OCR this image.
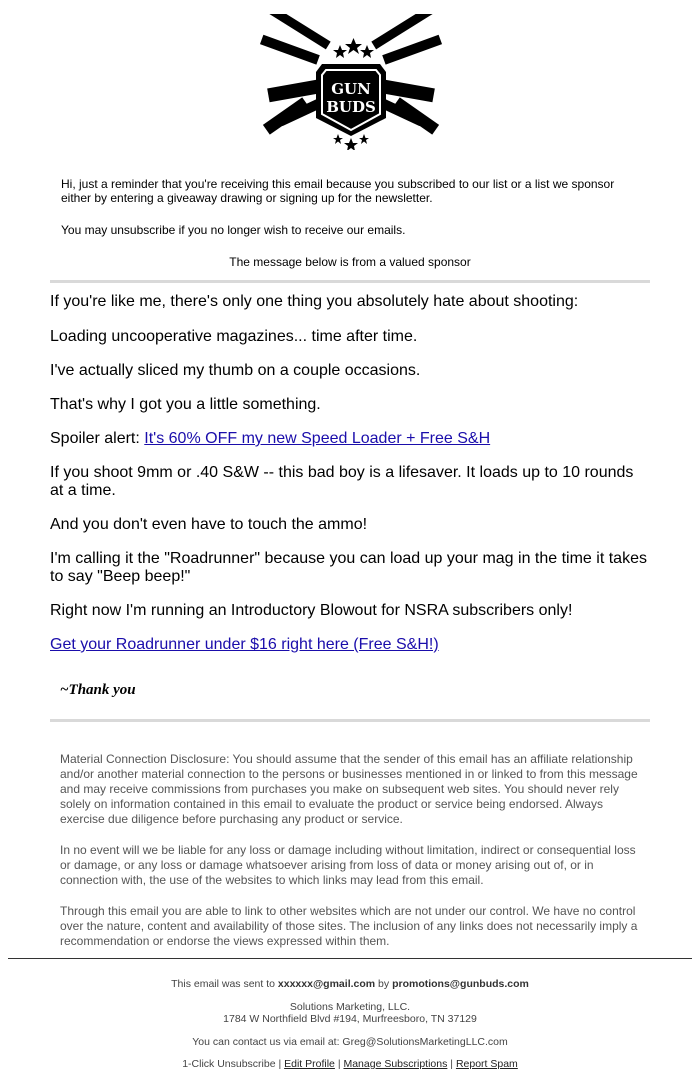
GUN
BUDS
Hi, just a reminder that you're receiving this email because you subscribed to our list or a list we sponsor either by entering a giveaway drawing or signing up for the newsletter.
You may unsubscribe if you no longer wish to receive our emails.
The message below is from a valued sponsor

If you're like me, there's only one thing you absolutely hate about shooting:

Loading uncooperative magazines... time after time.

I've actually sliced my thumb on a couple occasions.

That's why I got you a little something.

Spoiler alert: It's 60% OFF my new Speed Loader + Free S&H

If you shoot 9mm or .40 S&W -- this bad boy is a lifesaver. It loads up to 10 rounds at a time.

And you don't even have to touch the ammo!

I'm calling it the "Roadrunner" because you can load up your mag in the time it takes to say "Beep beep!"

Right now I'm running an Introductory Blowout for NSRA subscribers only!

Get your Roadrunner under $16 right here (Free S&H!)

~Thank you

Material Connection Disclosure: You should assume that the sender of this email has an affiliate relationship and/or another material connection to the persons or businesses mentioned in or linked to from this message and may receive commissions from purchases you make on subsequent web sites. You should never rely solely on information contained in this email to evaluate the product or service being endorsed. Always exercise due diligence before purchasing any product or service.

In no event will we be liable for any loss or damage including without limitation, indirect or consequential loss or damage, or any loss or damage whatsoever arising from loss of data or money arising out of, or in connection with, the use of the websites to which links may lead from this email.

Through this email you are able to link to other websites which are not under our control. We have no control over the nature, content and availability of those sites. The inclusion of any links does not necessarily imply a recommendation or endorse the views expressed within them.

This email was sent to xxxxxx@gmail.com by promotions@gunbuds.com
Solutions Marketing, LLC.
1784 W Northfield Blvd #194, Murfreesboro, TN 37129
You can contact us via email at: Greg@SolutionsMarketingLLC.com
1-Click Unsubscribe | Edit Profile | Manage Subscriptions | Report Spam
